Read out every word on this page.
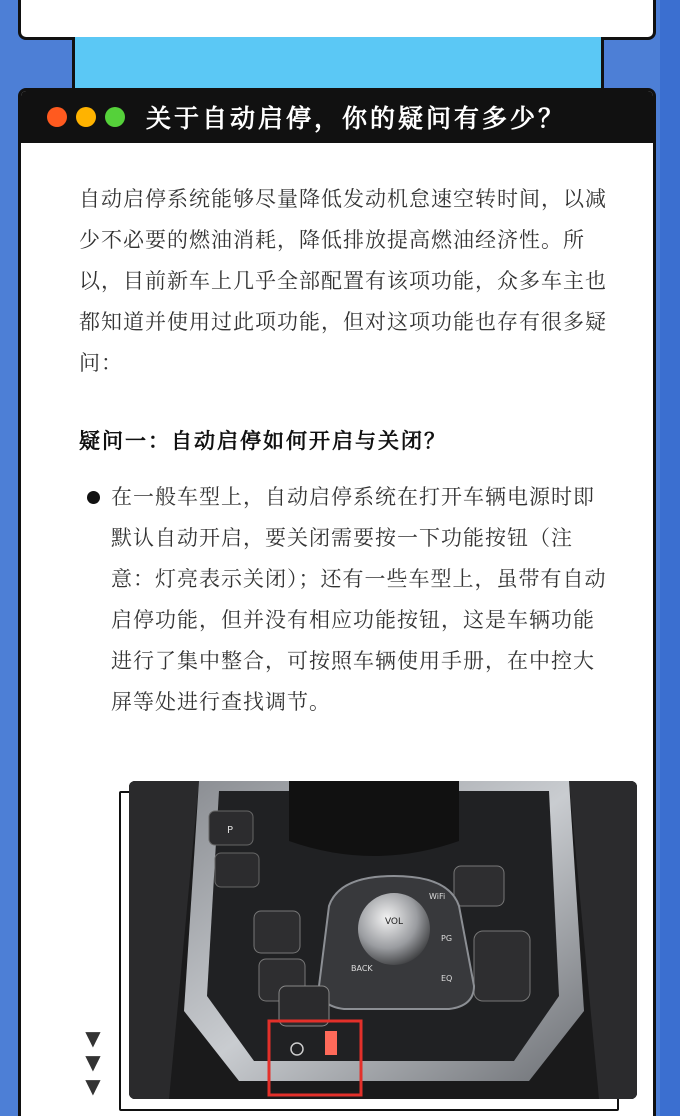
关于自动启停，你的疑问有多少？

自动启停系统能够尽量降低发动机怠速空转时间，以减少不必要的燃油消耗，降低排放提高燃油经济性。所以，目前新车上几乎全部配置有该项功能，众多车主也都知道并使用过此项功能，但对这项功能也存有很多疑问：

疑问一：自动启停如何开启与关闭？

在一般车型上，自动启停系统在打开车辆电源时即默认自动开启，要关闭需要按一下功能按钮（注意：灯亮表示关闭）；还有一些车型上，虽带有自动启停功能，但并没有相应功能按钮，这是车辆功能进行了集中整合，可按照车辆使用手册，在中控大屏等处进行查找调节。

▼
▼
▼
VOL
BACK
WiFi
PG
EQ
P
